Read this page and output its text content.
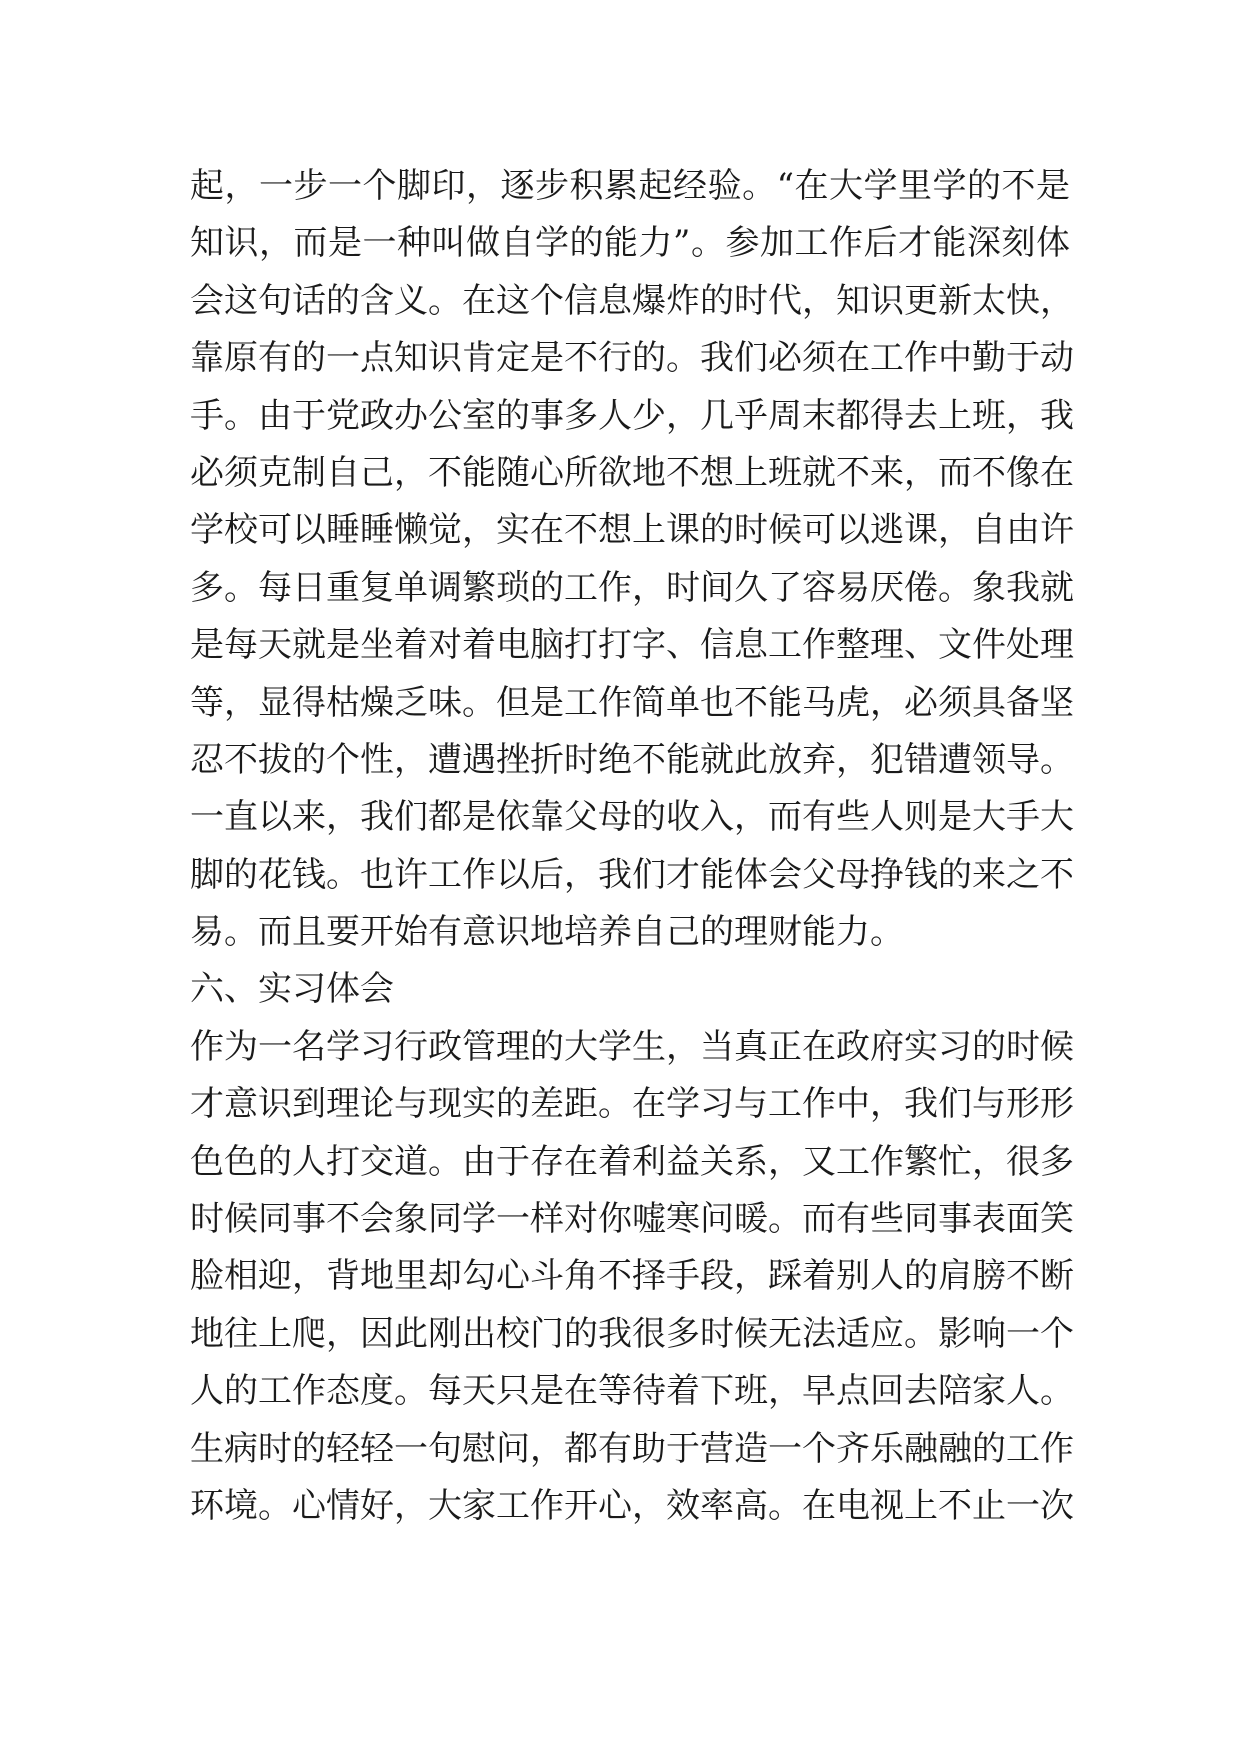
起，一步一个脚印，逐步积累起经验。“在大学里学的不是
知识，而是一种叫做自学的能力”。参加工作后才能深刻体
会这句话的含义。在这个信息爆炸的时代，知识更新太快，
靠原有的一点知识肯定是不行的。我们必须在工作中勤于动
手。由于党政办公室的事多人少，几乎周末都得去上班，我
必须克制自己，不能随心所欲地不想上班就不来，而不像在
学校可以睡睡懒觉，实在不想上课的时候可以逃课，自由许
多。每日重复单调繁琐的工作，时间久了容易厌倦。象我就
是每天就是坐着对着电脑打打字、信息工作整理、文件处理
等，显得枯燥乏味。但是工作简单也不能马虎，必须具备坚
忍不拔的个性，遭遇挫折时绝不能就此放弃，犯错遭领导。
一直以来，我们都是依靠父母的收入，而有些人则是大手大
脚的花钱。也许工作以后，我们才能体会父母挣钱的来之不
易。而且要开始有意识地培养自己的理财能力。
六、实习体会
作为一名学习行政管理的大学生，当真正在政府实习的时候
才意识到理论与现实的差距。在学习与工作中，我们与形形
色色的人打交道。由于存在着利益关系，又工作繁忙，很多
时候同事不会象同学一样对你嘘寒问暖。而有些同事表面笑
脸相迎，背地里却勾心斗角不择手段，踩着别人的肩膀不断
地往上爬，因此刚出校门的我很多时候无法适应。影响一个
人的工作态度。每天只是在等待着下班，早点回去陪家人。
生病时的轻轻一句慰问，都有助于营造一个齐乐融融的工作
环境。心情好，大家工作开心，效率高。在电视上不止一次
